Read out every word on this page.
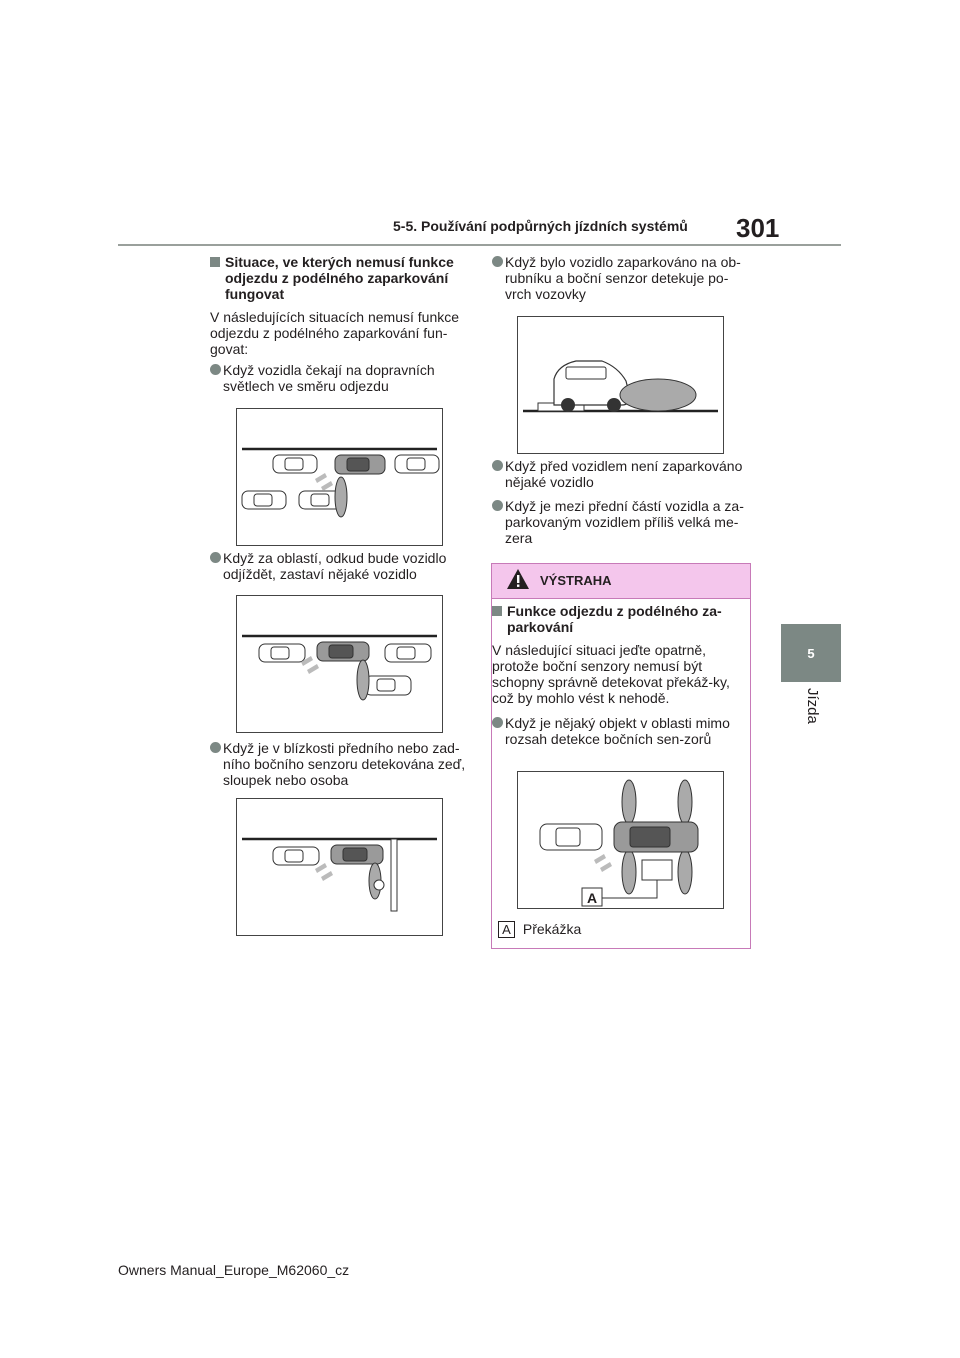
5-5. Používání podpůrných jízdních systémů 301
5
Jízda
Situace, ve kterých nemusí funkce odjezdu z podélného zaparkování fungovat
V následujících situacích nemusí funkce odjezdu z podélného zaparkování fun-govat:
Když vozidla čekají na dopravních světlech ve směru odjezdu
Když za oblastí, odkud bude vozidlo odjíždět, zastaví nějaké vozidlo
Když je v blízkosti předního nebo zad-ního bočního senzoru detekována zeď, sloupek nebo osoba
Když bylo vozidlo zaparkováno na ob-rubníku a boční senzor detekuje po-vrch vozovky
Když před vozidlem není zaparkováno nějaké vozidlo
Když je mezi přední částí vozidla a za-parkovaným vozidlem příliš velká me-zera
VÝSTRAHA
Funkce odjezdu z podélného za-parkování
V následující situaci jeďte opatrně, protože boční senzory nemusí být schopny správně detekovat překáž-ky, což by mohlo vést k nehodě.
Když je nějaký objekt v oblasti mimo rozsah detekce bočních sen-zorů
A
A Překážka
Owners Manual_Europe_M62060_cz
